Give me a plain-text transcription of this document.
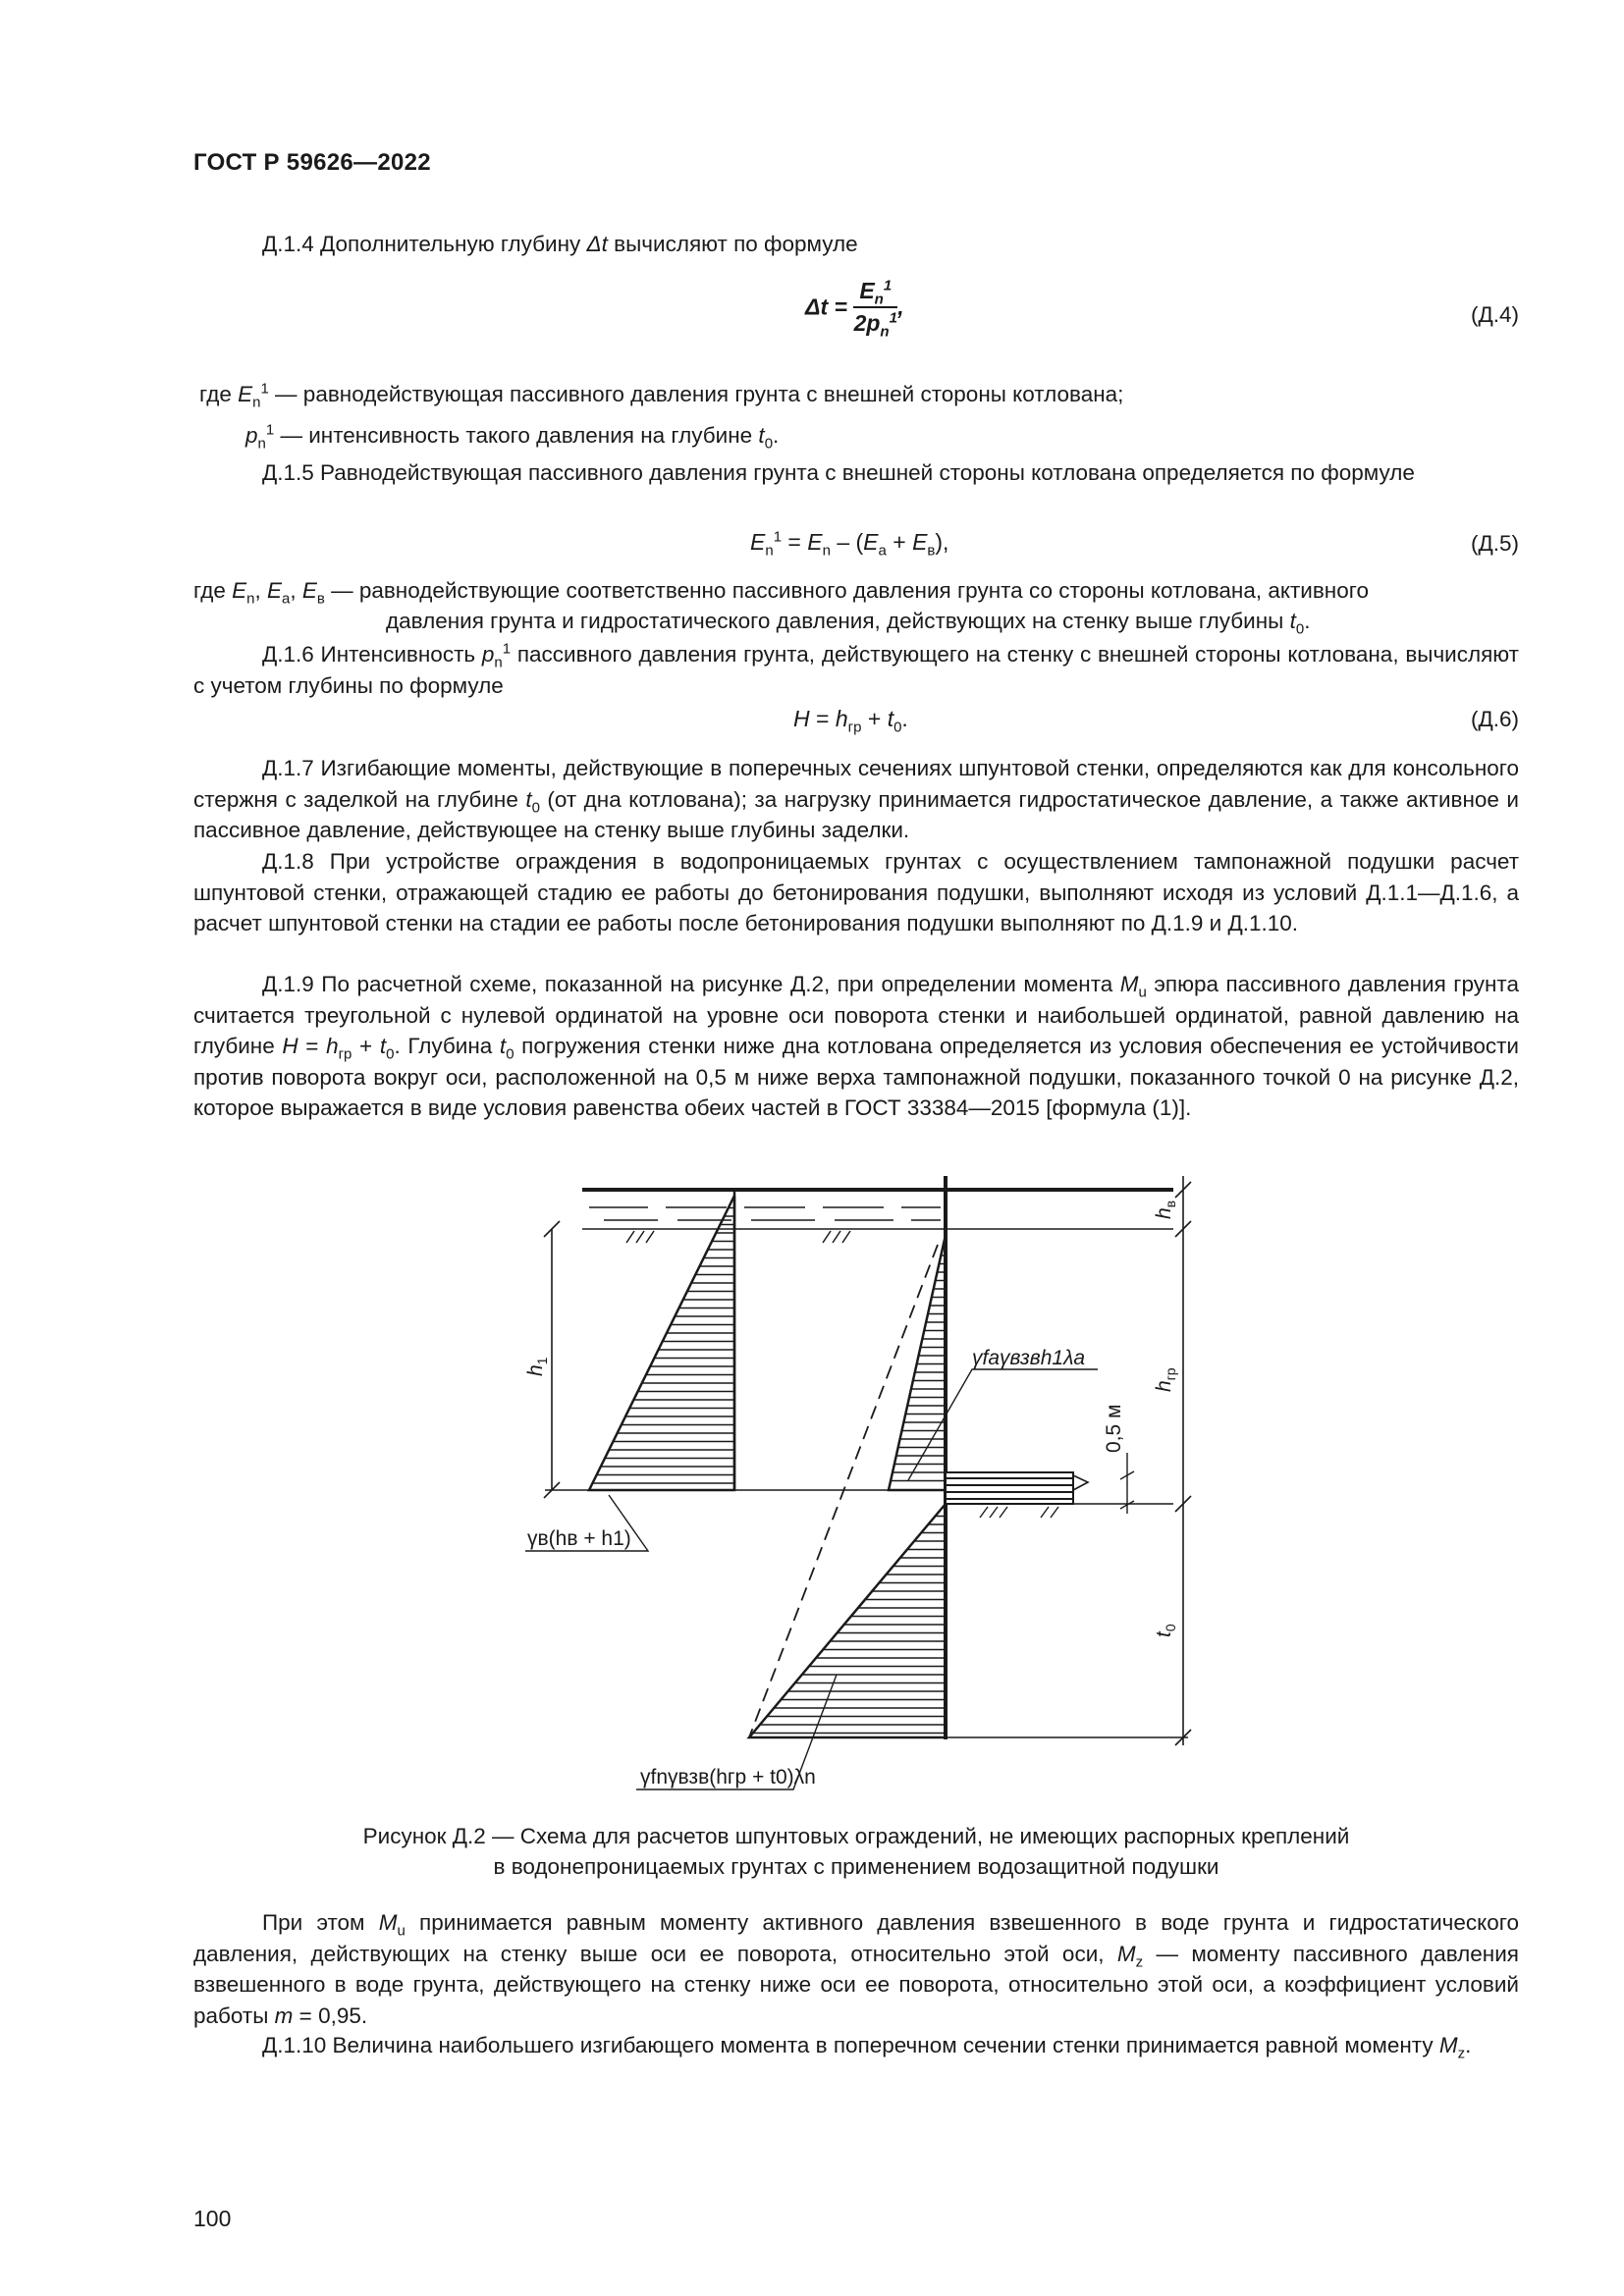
ГОСТ Р 59626—2022
Д.1.4 Дополнительную глубину Δt вычисляют по формуле
$\Delta t = \frac{E_n^1}{2p_n^1}$ ,	(Д.4)
где $E_n^1$ — равнодействующая пассивного давления грунта с внешней стороны котлована;
$p_n^1$ — интенсивность такого давления на глубине $t_0$.
Д.1.5 Равнодействующая пассивного давления грунта с внешней стороны котлована определяется по формуле
$E_n^1 = E_n - (E_a + E_в)$,	(Д.5)
где $E_n$, $E_a$, $E_в$ — равнодействующие соответственно пассивного давления грунта со стороны котлована, активного
давления грунта и гидростатического давления, действующих на стенку выше глубины $t_0$.
Д.1.6 Интенсивность $p_n^1$ пассивного давления грунта, действующего на стенку с внешней стороны котлована, вычисляют с учетом глубины по формуле
$H = h_{гр} + t_0$.	(Д.6)
Д.1.7 Изгибающие моменты, действующие в поперечных сечениях шпунтовой стенки, определяются как для консольного стержня с заделкой на глубине $t_0$ (от дна котлована); за нагрузку принимается гидростатическое давление, а также активное и пассивное давление, действующее на стенку выше глубины заделки.
Д.1.8 При устройстве ограждения в водопроницаемых грунтах с осуществлением тампонажной подушки расчет шпунтовой стенки, отражающей стадию ее работы до бетонирования подушки, выполняют исходя из условий Д.1.1—Д.1.6, а расчет шпунтовой стенки на стадии ее работы после бетонирования подушки выполняют по Д.1.9 и Д.1.10.
Д.1.9 По расчетной схеме, показанной на рисунке Д.2, при определении момента $M_u$ эпюра пассивного давления грунта считается треугольной с нулевой ординатой на уровне оси поворота стенки и наибольшей ординатой, равной давлению на глубине $H = h_{гр} + t_0$. Глубина $t_0$ погружения стенки ниже дна котлована определяется из условия обеспечения ее устойчивости против поворота вокруг оси, расположенной на 0,5 м ниже верха тампонажной подушки, показанного точкой 0 на рисунке Д.2, которое выражается в виде условия равенства обеих частей в ГОСТ 33384—2015 [формула (1)].
$h_в$
$h_{гр}$
$t_0$
$h_1$
0,5 м
γfaγвзвh1λa
γв(hв + h1)
γfnγвзв(hгр + t0)λn
Рисунок Д.2 — Схема для расчетов шпунтовых ограждений, не имеющих распорных креплений
в водонепроницаемых грунтах с применением водозащитной подушки
При этом $M_u$ принимается равным моменту активного давления взвешенного в воде грунта и гидростатического давления, действующих на стенку выше оси ее поворота, относительно этой оси, $M_z$ — моменту пассивного давления взвешенного в воде грунта, действующего на стенку ниже оси ее поворота, относительно этой оси, а коэффициент условий работы m = 0,95.
Д.1.10 Величина наибольшего изгибающего момента в поперечном сечении стенки принимается равной моменту $M_z$.
100
